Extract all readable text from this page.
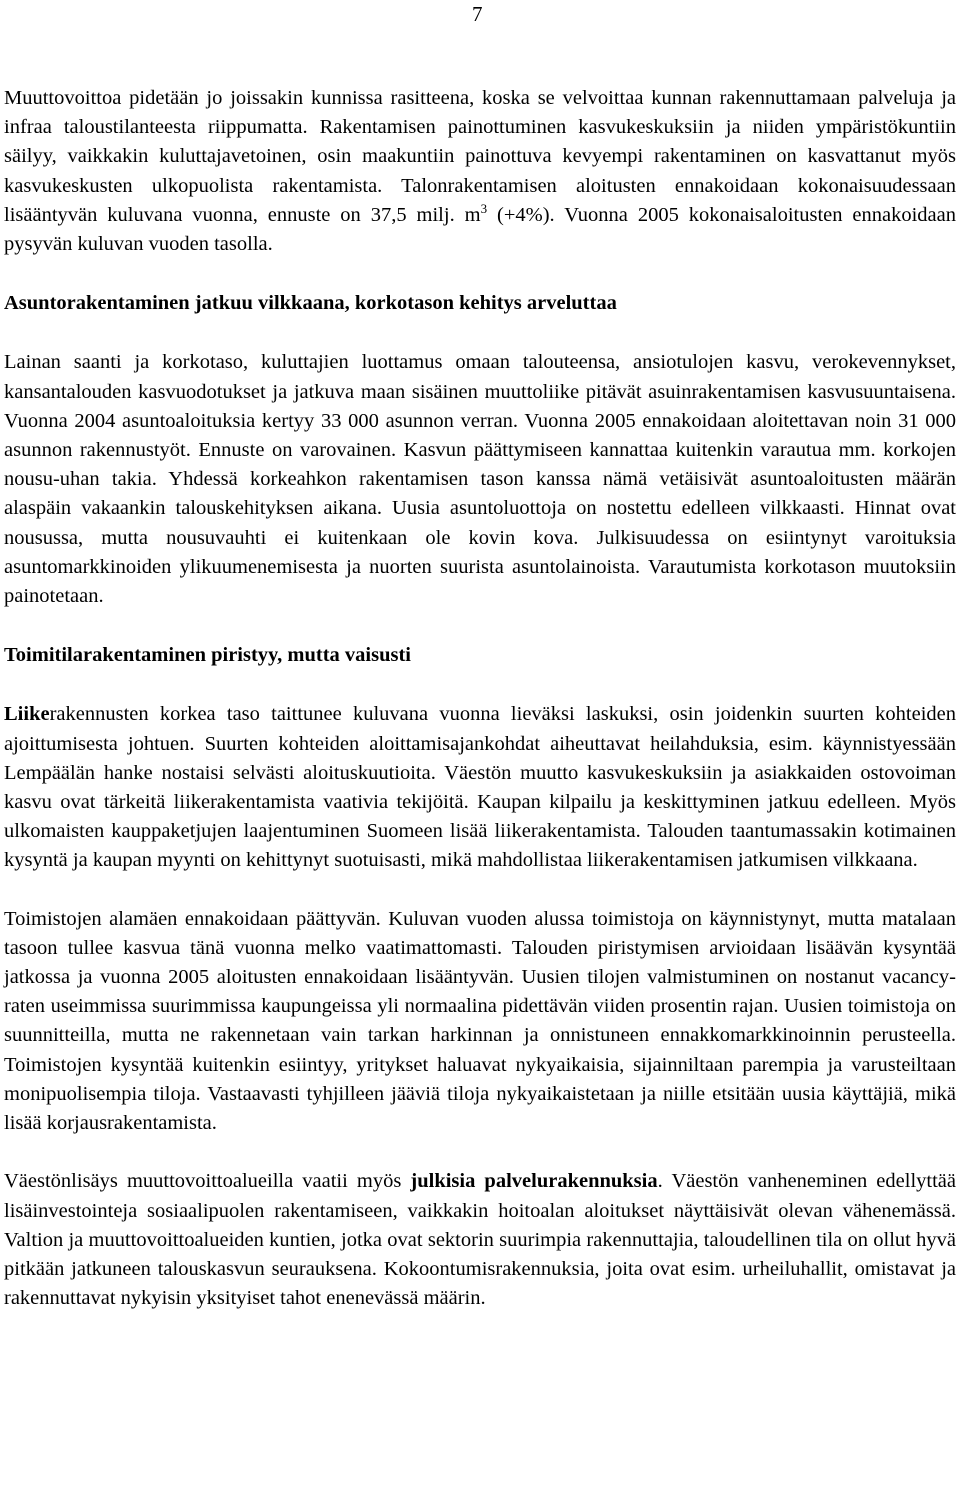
7

Muuttovoittoa pidetään jo joissakin kunnissa rasitteena, koska se velvoittaa kunnan rakennuttamaan palveluja ja infraa taloustilanteesta riippumatta. Rakentamisen painottuminen kasvukeskuksiin ja niiden ympäristökuntiin säilyy, vaikkakin kuluttajavetoinen, osin maakuntiin painottuva kevyempi rakentaminen on kasvattanut myös kasvukeskusten ulkopuolista rakentamista. Talonrakentamisen aloitusten ennakoidaan kokonaisuudessaan lisääntyvän kuluvana vuonna, ennuste on 37,5 milj. $m^3$ (+4%). Vuonna 2005 kokonaisaloitusten ennakoidaan pysyvän kuluvan vuoden tasolla.

Asuntorakentaminen jatkuu vilkkaana, korkotason kehitys arveluttaa

Lainan saanti ja korkotaso, kuluttajien luottamus omaan talouteensa, ansiotulojen kasvu, verokevennykset, kansantalouden kasvuodotukset ja jatkuva maan sisäinen muuttoliike pitävät asuinrakentamisen kasvusuuntaisena. Vuonna 2004 asuntoaloituksia kertyy 33 000 asunnon verran. Vuonna 2005 ennakoidaan aloitettavan noin 31 000 asunnon rakennustyöt. Ennuste on varovainen. Kasvun päättymiseen kannattaa kuitenkin varautua mm. korkojen nousu-uhan takia. Yhdessä korkeahkon rakentamisen tason kanssa nämä vetäisivät asuntoaloitusten määrän alaspäin vakaankin talouskehityksen aikana. Uusia asuntoluottoja on nostettu edelleen vilkkaasti. Hinnat ovat nousussa, mutta nousuvauhti ei kuitenkaan ole kovin kova. Julkisuudessa on esiintynyt varoituksia asuntomarkkinoiden ylikuumenemisesta ja nuorten suurista asuntolainoista. Varautumista korkotason muutoksiin painotetaan.

Toimitilarakentaminen piristyy, mutta vaisusti

Liikerakennusten korkea taso taittunee kuluvana vuonna lieväksi laskuksi, osin joidenkin suurten kohteiden ajoittumisesta johtuen. Suurten kohteiden aloittamisajankohdat aiheuttavat heilahduksia, esim. käynnistyessään Lempäälän hanke nostaisi selvästi aloituskuutioita. Väestön muutto kasvukeskuksiin ja asiakkaiden ostovoiman kasvu ovat tärkeitä liikerakentamista vaativia tekijöitä. Kaupan kilpailu ja keskittyminen jatkuu edelleen. Myös ulkomaisten kauppaketjujen laajentuminen Suomeen lisää liikerakentamista. Talouden taantumassakin kotimainen kysyntä ja kaupan myynti on kehittynyt suotuisasti, mikä mahdollistaa liikerakentamisen jatkumisen vilkkaana.

Toimistojen alamäen ennakoidaan päättyvän. Kuluvan vuoden alussa toimistoja on käynnistynyt, mutta matalaan tasoon tullee kasvua tänä vuonna melko vaatimattomasti. Talouden piristymisen arvioidaan lisäävän kysyntää jatkossa ja vuonna 2005 aloitusten ennakoidaan lisääntyvän. Uusien tilojen valmistuminen on nostanut vacancy-raten useimmissa suurimmissa kaupungeissa yli normaalina pidettävän viiden prosentin rajan. Uusien toimistoja on suunnitteilla, mutta ne rakennetaan vain tarkan harkinnan ja onnistuneen ennakkomarkkinoinnin perusteella. Toimistojen kysyntää kuitenkin esiintyy, yritykset haluavat nykyaikaisia, sijainniltaan parempia ja varusteiltaan monipuolisempia tiloja. Vastaavasti tyhjilleen jääviä tiloja nykyaikaistetaan ja niille etsitään uusia käyttäjiä, mikä lisää korjausrakentamista.

Väestönlisäys muuttovoittoalueilla vaatii myös julkisia palvelurakennuksia. Väestön vanheneminen edellyttää lisäinvestointeja sosiaalipuolen rakentamiseen, vaikkakin hoitoalan aloitukset näyttäisivät olevan vähenemässä. Valtion ja muuttovoittoalueiden kuntien, jotka ovat sektorin suurimpia rakennuttajia, taloudellinen tila on ollut hyvä pitkään jatkuneen talouskasvun seurauksena. Kokoontumisrakennuksia, joita ovat esim. urheiluhallit, omistavat ja rakennuttavat nykyisin yksityiset tahot enenevässä määrin.
